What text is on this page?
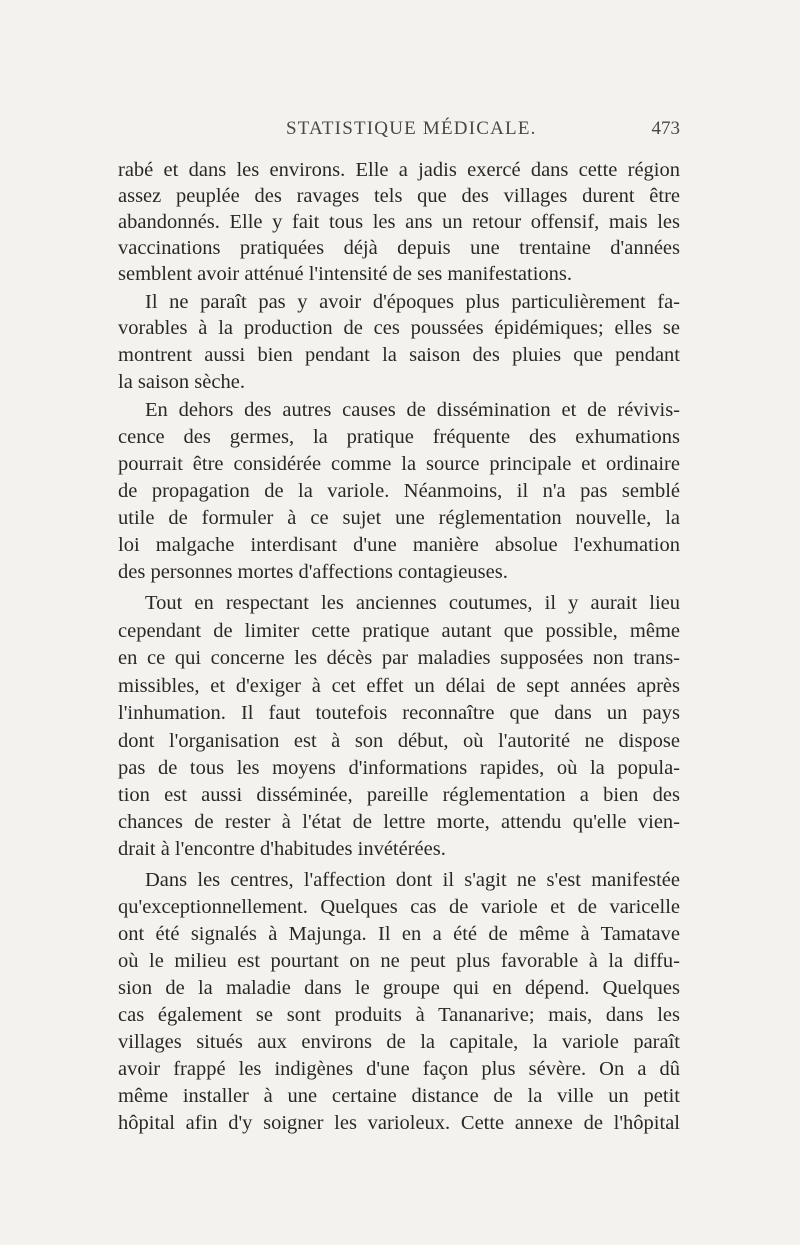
STATISTIQUE MÉDICALE.	473
rabé et dans les environs. Elle a jadis exercé dans cette région
assez peuplée des ravages tels que des villages durent être
abandonnés. Elle y fait tous les ans un retour offensif, mais les
vaccinations pratiquées déjà depuis une trentaine d'années
semblent avoir atténué l'intensité de ses manifestations.
Il ne paraît pas y avoir d'époques plus particulièrement fa-
vorables à la production de ces poussées épidémiques; elles se
montrent aussi bien pendant la saison des pluies que pendant
la saison sèche.
En dehors des autres causes de dissémination et de révivis-
cence des germes, la pratique fréquente des exhumations
pourrait être considérée comme la source principale et ordinaire
de propagation de la variole. Néanmoins, il n'a pas semblé
utile de formuler à ce sujet une réglementation nouvelle, la
loi malgache interdisant d'une manière absolue l'exhumation
des personnes mortes d'affections contagieuses.
Tout en respectant les anciennes coutumes, il y aurait lieu
cependant de limiter cette pratique autant que possible, même
en ce qui concerne les décès par maladies supposées non trans-
missibles, et d'exiger à cet effet un délai de sept années après
l'inhumation. Il faut toutefois reconnaître que dans un pays
dont l'organisation est à son début, où l'autorité ne dispose
pas de tous les moyens d'informations rapides, où la popula-
tion est aussi disséminée, pareille réglementation a bien des
chances de rester à l'état de lettre morte, attendu qu'elle vien-
drait à l'encontre d'habitudes invétérées.
Dans les centres, l'affection dont il s'agit ne s'est manifestée
qu'exceptionnellement. Quelques cas de variole et de varicelle
ont été signalés à Majunga. Il en a été de même à Tamatave
où le milieu est pourtant on ne peut plus favorable à la diffu-
sion de la maladie dans le groupe qui en dépend. Quelques
cas également se sont produits à Tananarive; mais, dans les
villages situés aux environs de la capitale, la variole paraît
avoir frappé les indigènes d'une façon plus sévère. On a dû
même installer à une certaine distance de la ville un petit
hôpital afin d'y soigner les varioleux. Cette annexe de l'hôpital
